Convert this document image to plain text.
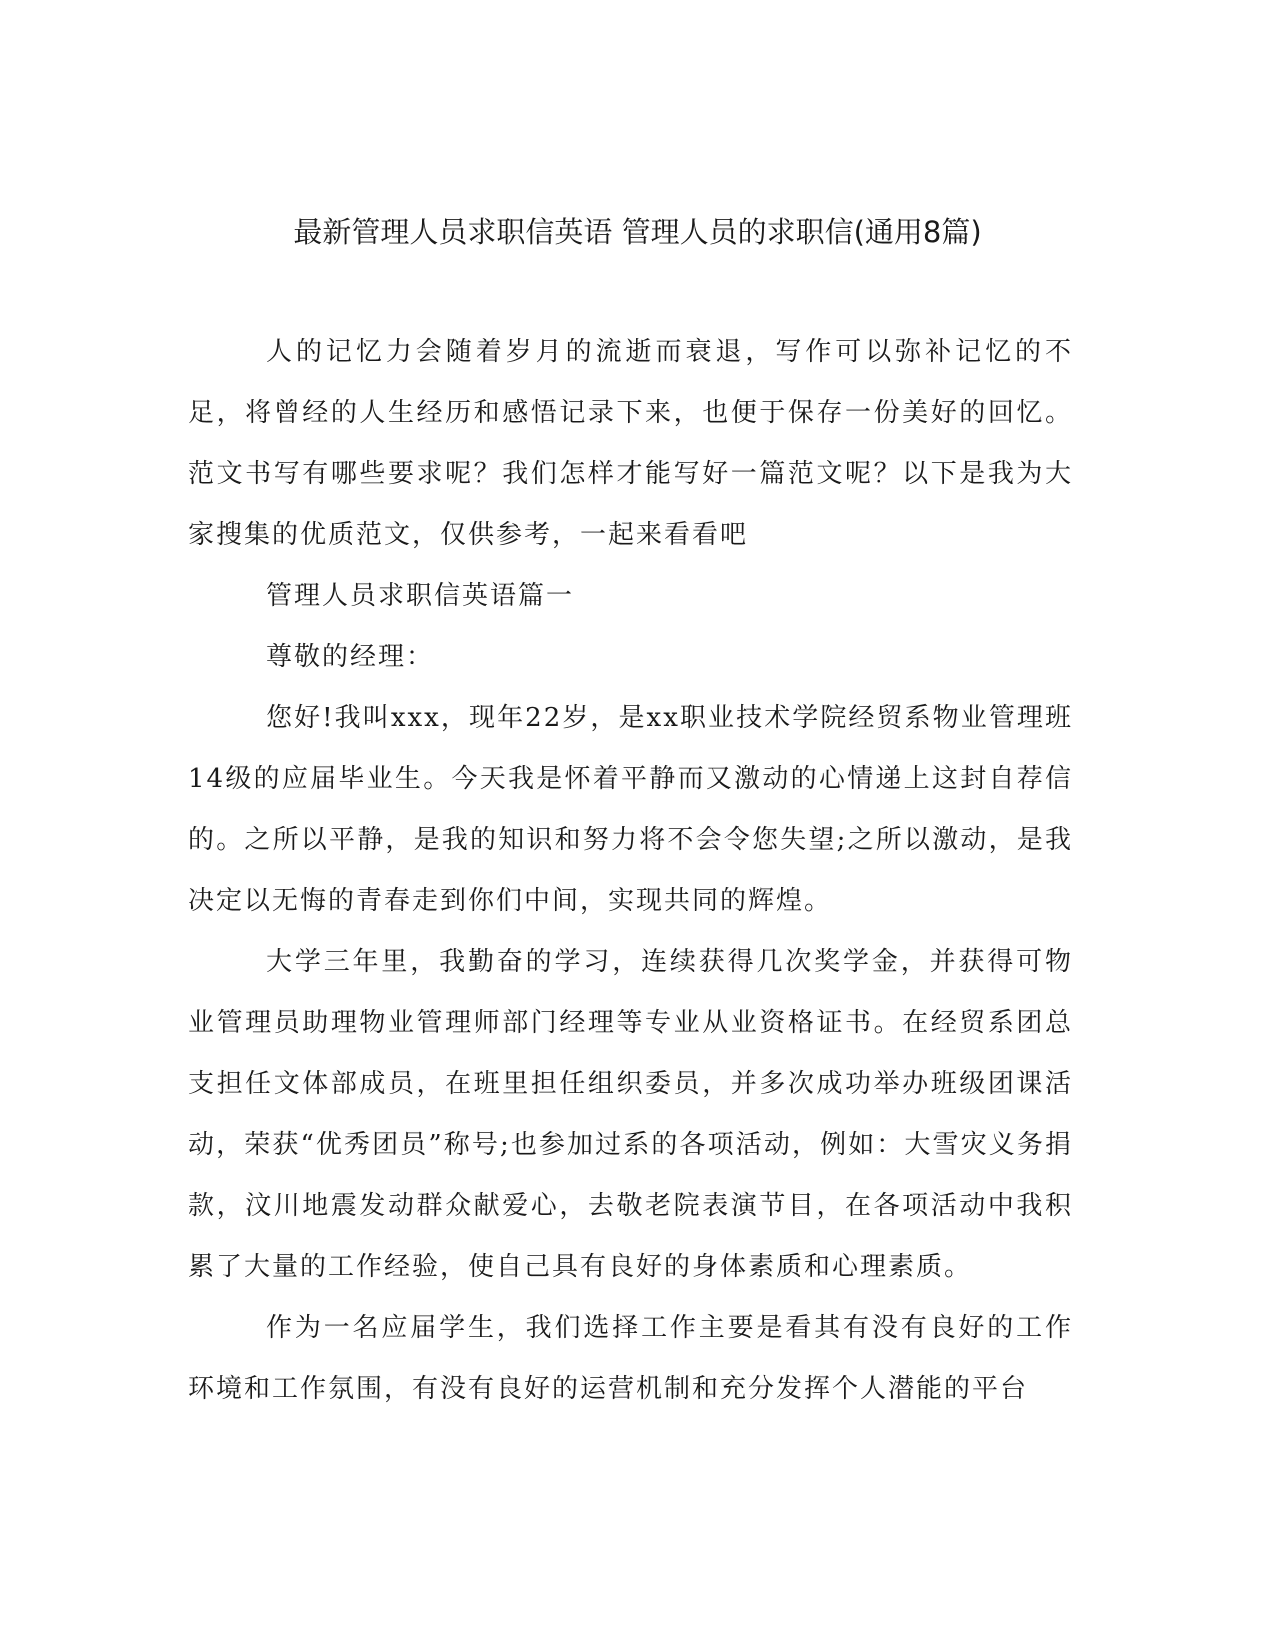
最新管理人员求职信英语 管理人员的求职信(通用8篇)

人的记忆力会随着岁月的流逝而衰退，写作可以弥补记忆的不足，将曾经的人生经历和感悟记录下来，也便于保存一份美好的回忆。范文书写有哪些要求呢？我们怎样才能写好一篇范文呢？以下是我为大家搜集的优质范文，仅供参考，一起来看看吧

管理人员求职信英语篇一

尊敬的经理：

您好!我叫xxx，现年22岁，是xx职业技术学院经贸系物业管理班14级的应届毕业生。今天我是怀着平静而又激动的心情递上这封自荐信的。之所以平静，是我的知识和努力将不会令您失望;之所以激动，是我决定以无悔的青春走到你们中间，实现共同的辉煌。

大学三年里，我勤奋的学习，连续获得几次奖学金，并获得可物业管理员助理物业管理师部门经理等专业从业资格证书。在经贸系团总支担任文体部成员，在班里担任组织委员，并多次成功举办班级团课活动，荣获“优秀团员”称号;也参加过系的各项活动，例如：大雪灾义务捐款，汶川地震发动群众献爱心，去敬老院表演节目，在各项活动中我积累了大量的工作经验，使自己具有良好的身体素质和心理素质。

作为一名应届学生，我们选择工作主要是看其有没有良好的工作环境和工作氛围，有没有良好的运营机制和充分发挥个人潜能的平台
